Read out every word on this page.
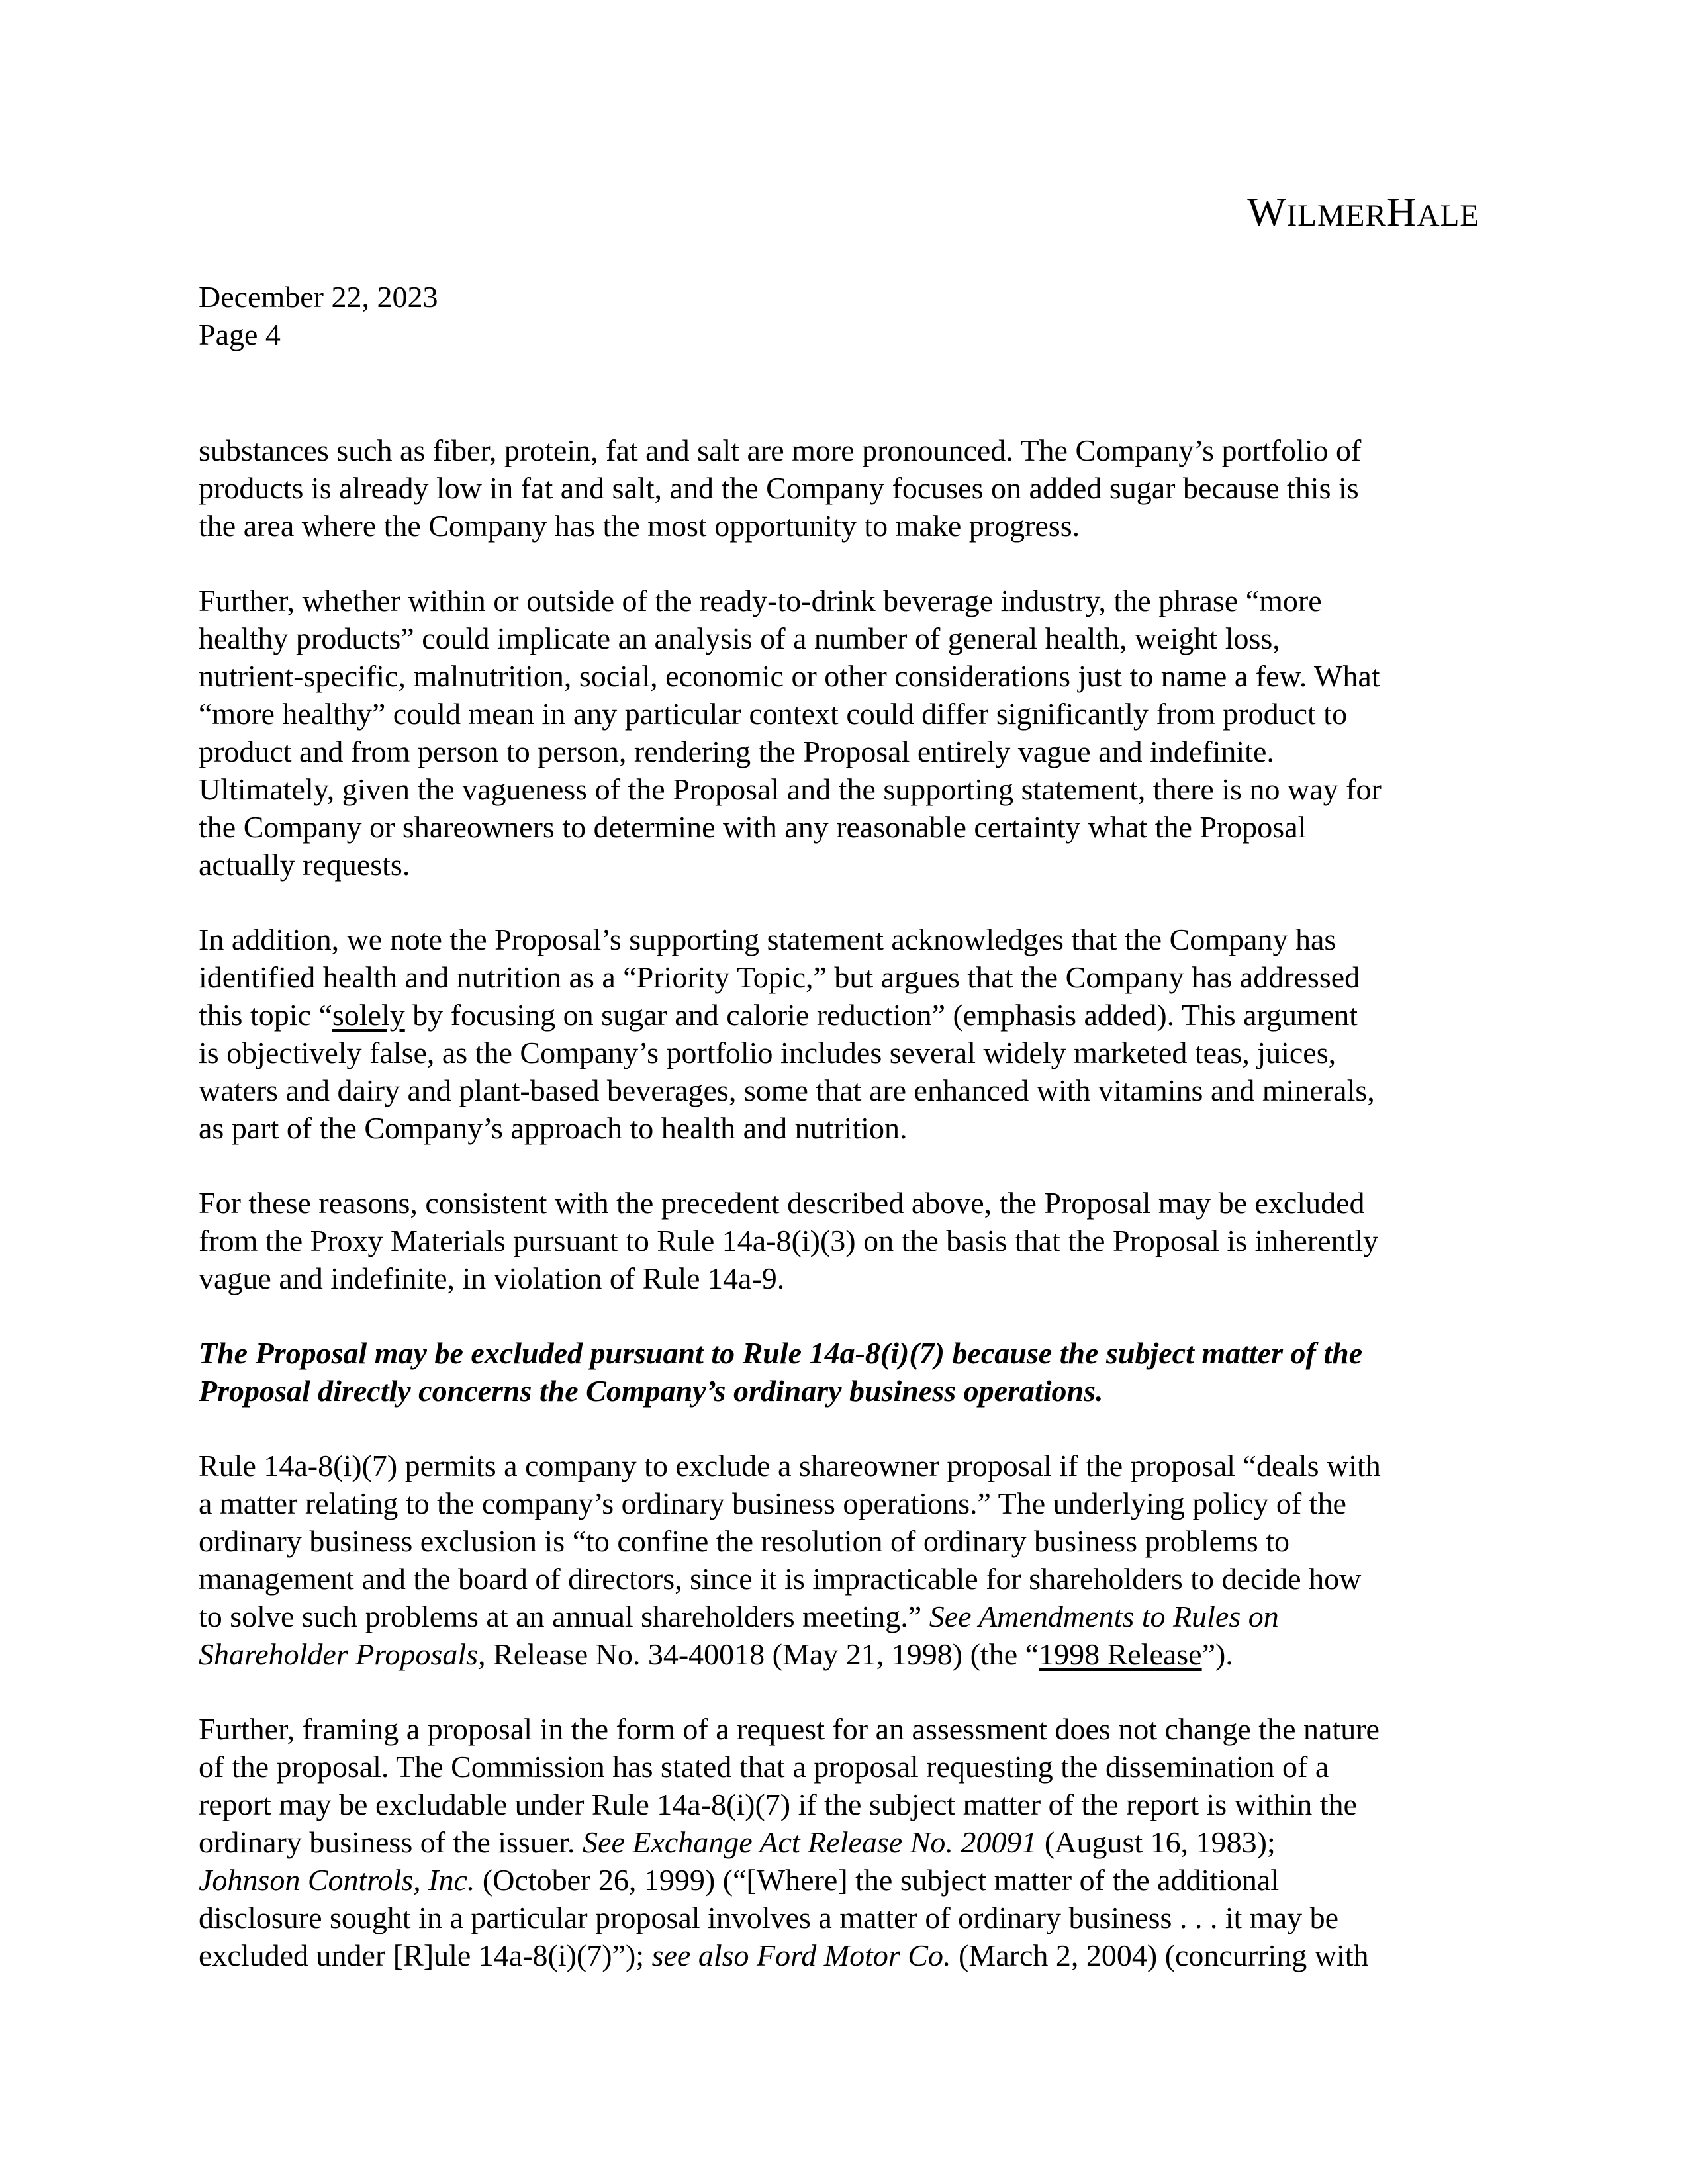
WILMERHALE
December 22, 2023
Page 4
substances such as fiber, protein, fat and salt are more pronounced. The Company’s portfolio of
products is already low in fat and salt, and the Company focuses on added sugar because this is
the area where the Company has the most opportunity to make progress.
Further, whether within or outside of the ready-to-drink beverage industry, the phrase “more
healthy products” could implicate an analysis of a number of general health, weight loss,
nutrient-specific, malnutrition, social, economic or other considerations just to name a few. What
“more healthy” could mean in any particular context could differ significantly from product to
product and from person to person, rendering the Proposal entirely vague and indefinite.
Ultimately, given the vagueness of the Proposal and the supporting statement, there is no way for
the Company or shareowners to determine with any reasonable certainty what the Proposal
actually requests.
In addition, we note the Proposal’s supporting statement acknowledges that the Company has
identified health and nutrition as a “Priority Topic,” but argues that the Company has addressed
this topic “solely by focusing on sugar and calorie reduction” (emphasis added). This argument
is objectively false, as the Company’s portfolio includes several widely marketed teas, juices,
waters and dairy and plant-based beverages, some that are enhanced with vitamins and minerals,
as part of the Company’s approach to health and nutrition.
For these reasons, consistent with the precedent described above, the Proposal may be excluded
from the Proxy Materials pursuant to Rule 14a-8(i)(3) on the basis that the Proposal is inherently
vague and indefinite, in violation of Rule 14a-9.
The Proposal may be excluded pursuant to Rule 14a-8(i)(7) because the subject matter of the
Proposal directly concerns the Company’s ordinary business operations.
Rule 14a-8(i)(7) permits a company to exclude a shareowner proposal if the proposal “deals with
a matter relating to the company’s ordinary business operations.” The underlying policy of the
ordinary business exclusion is “to confine the resolution of ordinary business problems to
management and the board of directors, since it is impracticable for shareholders to decide how
to solve such problems at an annual shareholders meeting.” See Amendments to Rules on
Shareholder Proposals, Release No. 34-40018 (May 21, 1998) (the “1998 Release”).
Further, framing a proposal in the form of a request for an assessment does not change the nature
of the proposal. The Commission has stated that a proposal requesting the dissemination of a
report may be excludable under Rule 14a-8(i)(7) if the subject matter of the report is within the
ordinary business of the issuer. See Exchange Act Release No. 20091 (August 16, 1983);
Johnson Controls, Inc. (October 26, 1999) (“[Where] the subject matter of the additional
disclosure sought in a particular proposal involves a matter of ordinary business . . . it may be
excluded under [R]ule 14a-8(i)(7)”); see also Ford Motor Co. (March 2, 2004) (concurring with
